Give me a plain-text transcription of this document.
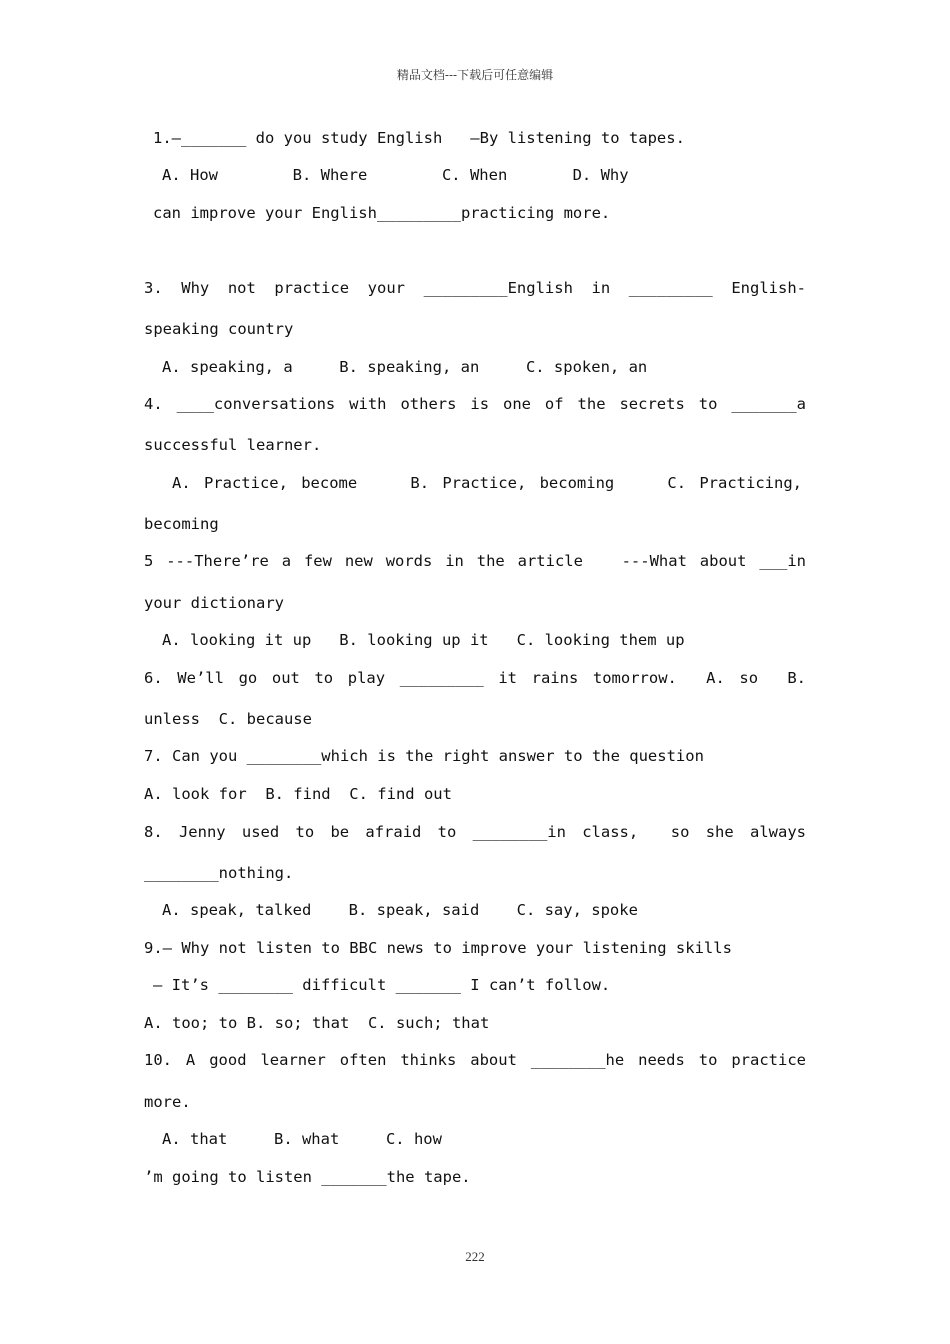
精品文档---下载后可任意编辑
1.—_______ do you study English   —By listening to tapes.
A. How        B. Where        C. When       D. Why
can improve your English_________practicing more.
3. Why not practice your _________English in _________ English-
speaking country
A. speaking, a     B. speaking, an     C. spoken, an
4. ____conversations with others is one of the secrets to _______a
successful learner.
A. Practice, become    B. Practice, becoming    C. Practicing,
becoming
5 ---There’re a few new words in the article   ---What about ___in
your dictionary
A. looking it up   B. looking up it   C. looking them up
6. We’ll go out to play _________ it rains tomorrow.  A. so  B.
unless  C. because
7. Can you ________which is the right answer to the question
A. look for  B. find  C. find out
8. Jenny used to be afraid to ________in class,  so she always
________nothing.
A. speak, talked    B. speak, said    C. say, spoke
9.— Why not listen to BBC news to improve your listening skills
— It’s ________ difficult _______ I can’t follow.
A. too; to B. so; that  C. such; that
10. A good learner often thinks about ________he needs to practice
more.
A. that     B. what     C. how
’m going to listen _______the tape.
222
